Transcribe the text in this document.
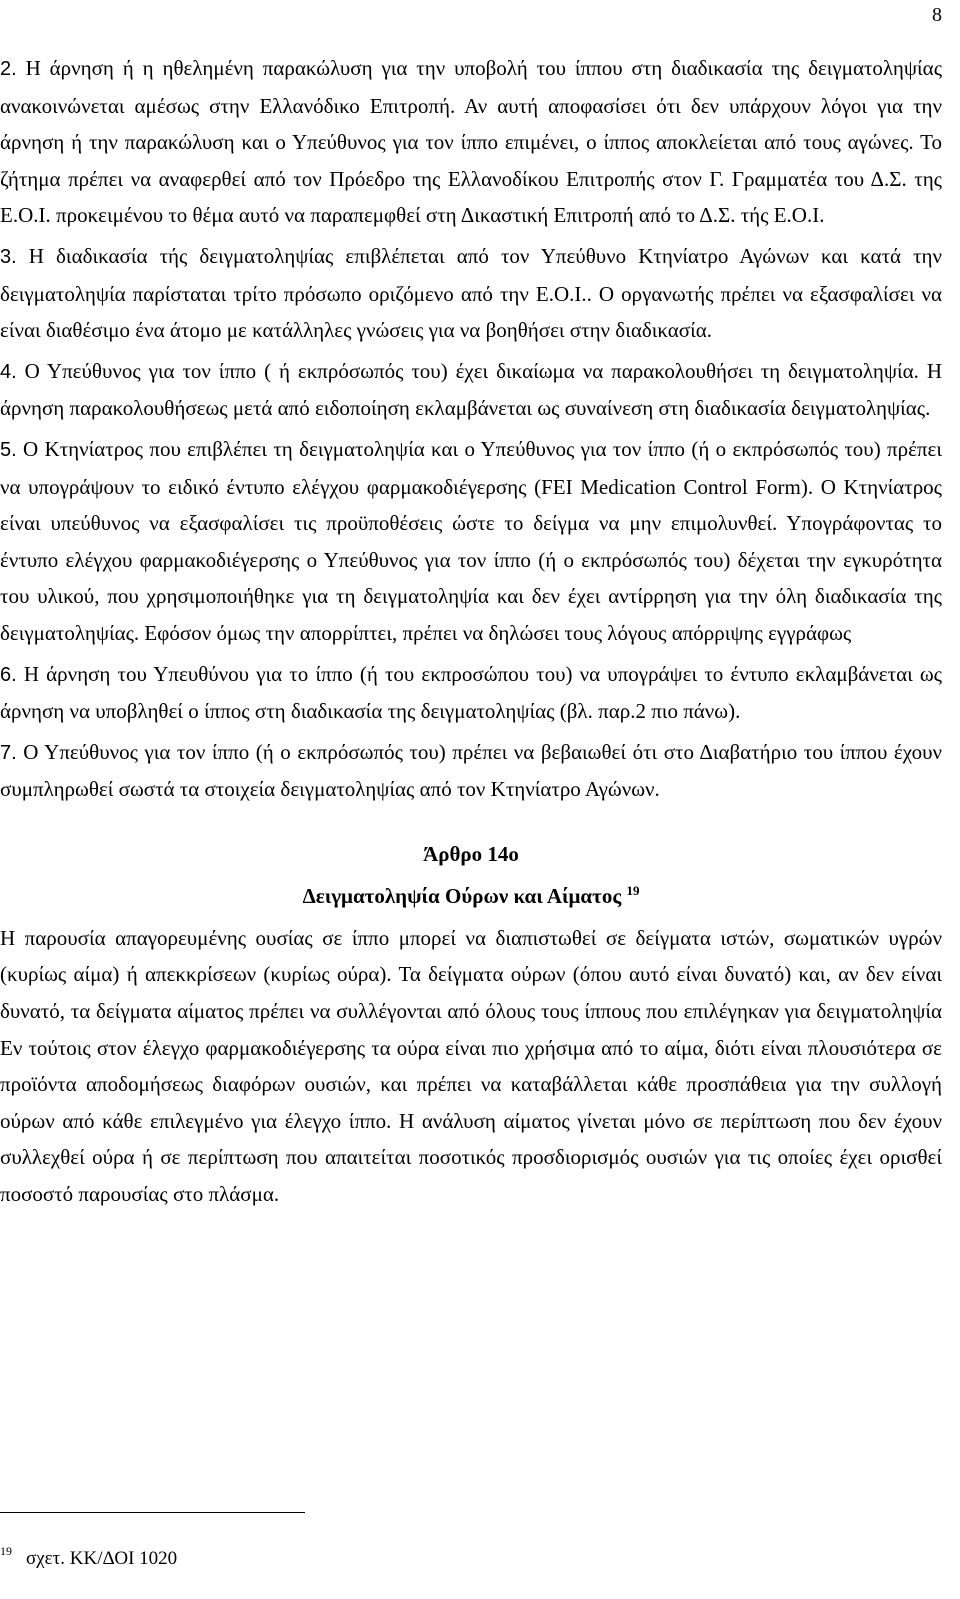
8

2. Η άρνηση ή η ηθελημένη παρακώλυση για την υποβολή του ίππου στη διαδικασία της δειγματοληψίας ανακοινώνεται αμέσως στην Ελλανόδικο Επιτροπή. Αν αυτή αποφασίσει ότι δεν υπάρχουν λόγοι για την άρνηση ή την παρακώλυση και ο Υπεύθυνος για τον ίππο επιμένει, ο ίππος αποκλείεται από τους αγώνες. Το ζήτημα πρέπει να αναφερθεί από τον Πρόεδρο της Ελλανοδίκου Επιτροπής στον Γ. Γραμματέα του Δ.Σ. της Ε.Ο.Ι. προκειμένου το θέμα αυτό να παραπεμφθεί στη Δικαστική Επιτροπή από το Δ.Σ. τής Ε.Ο.Ι.

3. Η διαδικασία τής δειγματοληψίας επιβλέπεται από τον Υπεύθυνο Κτηνίατρο Αγώνων και κατά την δειγματοληψία παρίσταται τρίτο πρόσωπο οριζόμενο από την Ε.Ο.Ι.. Ο οργανωτής πρέπει να εξασφαλίσει να είναι διαθέσιμο ένα άτομο με κατάλληλες γνώσεις για να βοηθήσει στην διαδικασία.

4. Ο Υπεύθυνος για τον ίππο ( ή εκπρόσωπός του) έχει δικαίωμα να παρακολουθήσει τη δειγματοληψία. Η άρνηση παρακολουθήσεως μετά από ειδοποίηση εκλαμβάνεται ως συναίνεση στη διαδικασία δειγματοληψίας.

5. Ο Κτηνίατρος που επιβλέπει τη δειγματοληψία και ο Υπεύθυνος για τον ίππο (ή ο εκπρόσωπός του) πρέπει να υπογράψουν το ειδικό έντυπο ελέγχου φαρμακοδιέγερσης (FEI Medication Control Form). Ο Κτηνίατρος είναι υπεύθυνος να εξασφαλίσει τις προϋποθέσεις ώστε το δείγμα να μην επιμολυνθεί. Υπογράφοντας το έντυπο ελέγχου φαρμακοδιέγερσης ο Υπεύθυνος για τον ίππο (ή ο εκπρόσωπός του) δέχεται την εγκυρότητα του υλικού, που χρησιμοποιήθηκε για τη δειγματοληψία και δεν έχει αντίρρηση για την όλη διαδικασία της δειγματοληψίας. Εφόσον όμως την απορρίπτει, πρέπει να δηλώσει τους λόγους απόρριψης εγγράφως

6. Η άρνηση του Υπευθύνου για το ίππο (ή του εκπροσώπου του) να υπογράψει το έντυπο εκλαμβάνεται ως άρνηση να υποβληθεί ο ίππος στη διαδικασία της δειγματοληψίας (βλ. παρ.2 πιο πάνω).

7. Ο Υπεύθυνος για τον ίππο (ή ο εκπρόσωπός του) πρέπει να βεβαιωθεί ότι στο Διαβατήριο του ίππου έχουν συμπληρωθεί σωστά τα στοιχεία δειγματοληψίας από τον Κτηνίατρο Αγώνων.

Άρθρο 14ο
Δειγματοληψία Ούρων και Αίματος $^{19}$

Η παρουσία απαγορευμένης ουσίας σε ίππο μπορεί να διαπιστωθεί σε δείγματα ιστών, σωματικών υγρών (κυρίως αίμα) ή απεκκρίσεων (κυρίως ούρα). Τα δείγματα ούρων (όπου αυτό είναι δυνατό) και, αν δεν είναι δυνατό, τα δείγματα αίματος πρέπει να συλλέγονται από όλους τους ίππους που επιλέγηκαν για δειγματοληψία Εν τούτοις στον έλεγχο φαρμακοδιέγερσης τα ούρα είναι πιο χρήσιμα από το αίμα, διότι είναι πλουσιότερα σε προϊόντα αποδομήσεως διαφόρων ουσιών, και πρέπει να καταβάλλεται κάθε προσπάθεια για την συλλογή ούρων από κάθε επιλεγμένο για έλεγχο ίππο. Η ανάλυση αίματος γίνεται μόνο σε περίπτωση που δεν έχουν συλλεχθεί ούρα ή σε περίπτωση που απαιτείται ποσοτικός προσδιορισμός ουσιών για τις οποίες έχει ορισθεί ποσοστό παρουσίας στο πλάσμα.

$^{19}$ σχετ. ΚΚ/ΔΟΙ 1020
